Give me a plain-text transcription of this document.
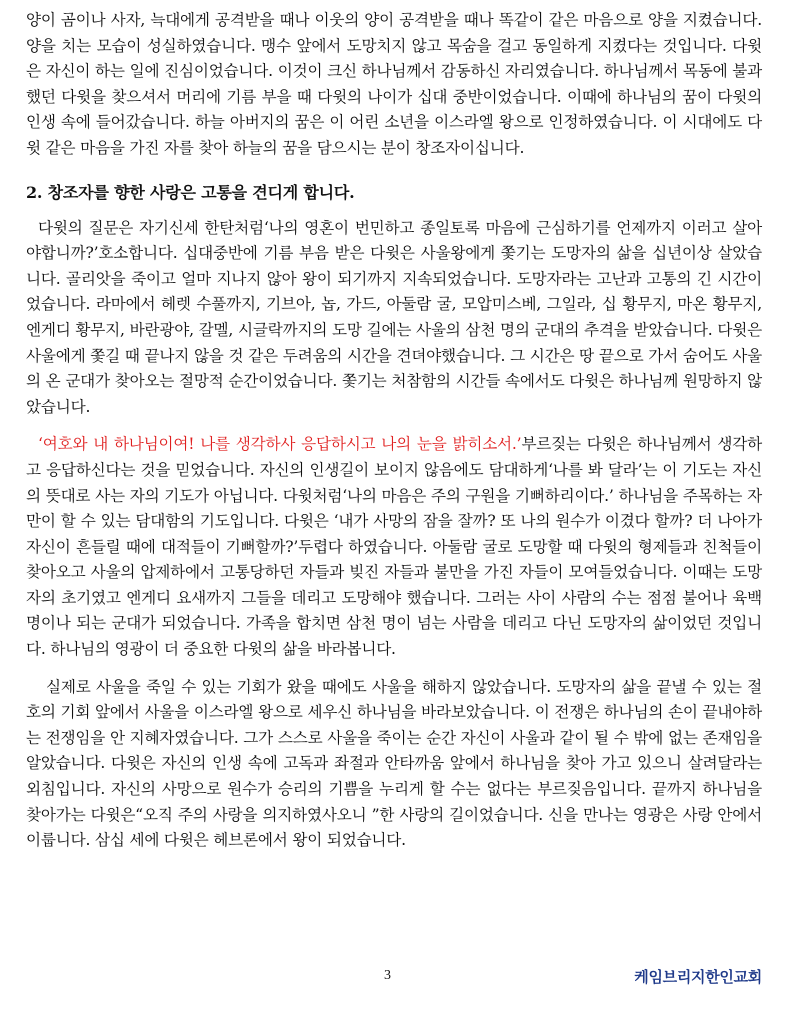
양이 곰이나 사자, 늑대에게 공격받을 때나 이웃의 양이 공격받을 때나 똑같이 같은 마음으로 양을 지켰습니다. 양을 치는 모습이 성실하였습니다. 맹수 앞에서 도망치지 않고 목숨을 걸고 동일하게 지켰다는 것입니다. 다윗은 자신이 하는 일에 진심이었습니다. 이것이 크신 하나님께서 감동하신 자리였습니다. 하나님께서 목동에 불과했던 다윗을 찾으셔서 머리에 기름 부을 때 다윗의 나이가 십대 중반이었습니다. 이때에 하나님의 꿈이 다윗의 인생 속에 들어갔습니다. 하늘 아버지의 꿈은 이 어린 소년을 이스라엘 왕으로 인정하였습니다. 이 시대에도 다윗 같은 마음을 가진 자를 찾아 하늘의 꿈을 담으시는 분이 창조자이십니다.

2. 창조자를 향한 사랑은 고통을 견디게 합니다.

다윗의 질문은 자기신세 한탄처럼‘나의 영혼이 번민하고 종일토록 마음에 근심하기를 언제까지 이러고 살아야합니까?’호소합니다. 십대중반에 기름 부음 받은 다윗은 사울왕에게 쫓기는 도망자의 삶을 십년이상 살았습니다. 골리앗을 죽이고 얼마 지나지 않아 왕이 되기까지 지속되었습니다. 도망자라는 고난과 고통의 긴 시간이었습니다. 라마에서 헤렛 수풀까지, 기브아, 놉, 가드, 아둘람 굴, 모압미스베, 그일라, 십 황무지, 마온 황무지, 엔게디 황무지, 바란광야, 갈멜, 시글락까지의 도망 길에는 사울의 삼천 명의 군대의 추격을 받았습니다. 다윗은 사울에게 쫓길 때 끝나지 않을 것 같은 두려움의 시간을 견뎌야했습니다. 그 시간은 땅 끝으로 가서 숨어도 사울의 온 군대가 찾아오는 절망적 순간이었습니다. 쫓기는 처참함의 시간들 속에서도 다윗은 하나님께 원망하지 않았습니다.

‘여호와 내 하나님이여! 나를 생각하사 응답하시고 나의 눈을 밝히소서.’부르짖는 다윗은 하나님께서 생각하고 응답하신다는 것을 믿었습니다. 자신의 인생길이 보이지 않음에도 담대하게‘나를 봐 달라’는 이 기도는 자신의 뜻대로 사는 자의 기도가 아닙니다. 다윗처럼‘나의 마음은 주의 구원을 기뻐하리이다.’ 하나님을 주목하는 자만이 할 수 있는 담대함의 기도입니다. 다윗은 ‘내가 사망의 잠을 잘까? 또 나의 원수가 이겼다 할까? 더 나아가 자신이 흔들릴 때에 대적들이 기뻐할까?’두렵다 하였습니다. 아둘람 굴로 도망할 때 다윗의 형제들과 친척들이 찾아오고 사울의 압제하에서 고통당하던 자들과 빚진 자들과 불만을 가진 자들이 모여들었습니다. 이때는 도망자의 초기였고 엔게디 요새까지 그들을 데리고 도망해야 했습니다. 그러는 사이 사람의 수는 점점 불어나 육백 명이나 되는 군대가 되었습니다. 가족을 합치면 삼천 명이 넘는 사람을 데리고 다닌 도망자의 삶이었던 것입니다. 하나님의 영광이 더 중요한 다윗의 삶을 바라봅니다.

실제로 사울을 죽일 수 있는 기회가 왔을 때에도 사울을 해하지 않았습니다. 도망자의 삶을 끝낼 수 있는 절호의 기회 앞에서 사울을 이스라엘 왕으로 세우신 하나님을 바라보았습니다. 이 전쟁은 하나님의 손이 끝내야하는 전쟁임을 안 지혜자였습니다. 그가 스스로 사울을 죽이는 순간 자신이 사울과 같이 될 수 밖에 없는 존재임을 알았습니다. 다윗은 자신의 인생 속에 고독과 좌절과 안타까움 앞에서 하나님을 찾아 가고 있으니 살려달라는 외침입니다. 자신의 사망으로 원수가 승리의 기쁨을 누리게 할 수는 없다는 부르짖음입니다. 끝까지 하나님을 찾아가는 다윗은“오직 주의 사랑을 의지하였사오니 ”한 사랑의 길이었습니다. 신을 만나는 영광은 사랑 안에서 이룹니다. 삼십 세에 다윗은 헤브론에서 왕이 되었습니다.

3	케임브리지한인교회
